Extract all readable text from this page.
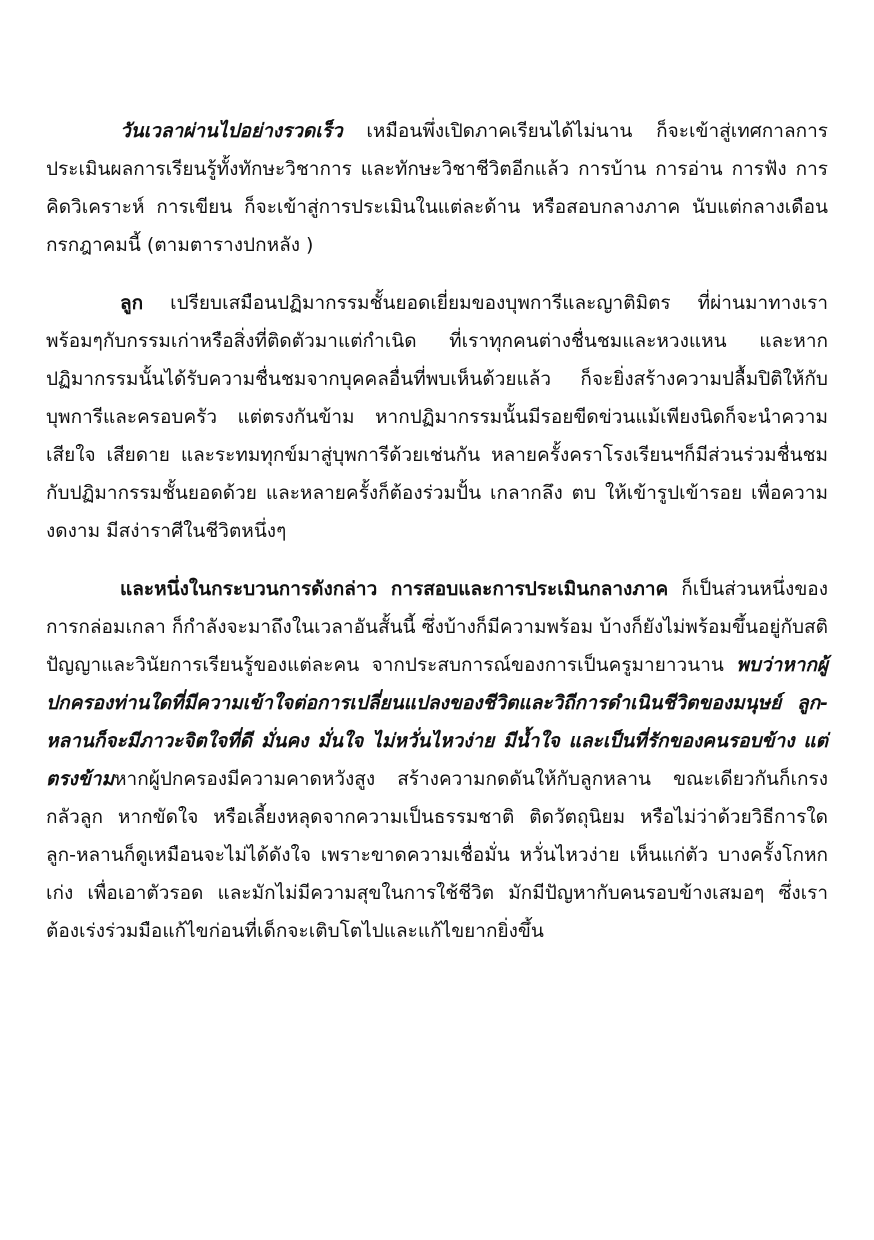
วันเวลาผ่านไปอย่างรวดเร็ว เหมือนพึ่งเปิดภาคเรียนได้ไม่นาน ก็จะเข้าสู่เทศกาลการประเมินผลการเรียนรู้ทั้งทักษะวิชาการ และทักษะวิชาชีวิตอีกแล้ว การบ้าน การอ่าน การฟัง การคิดวิเคราะห์ การเขียน ก็จะเข้าสู่การประเมินในแต่ละด้าน หรือสอบกลางภาค นับแต่กลางเดือนกรกฎาคมนี้ (ตามตารางปกหลัง )

ลูก เปรียบเสมือนปฏิมากรรมชั้นยอดเยี่ยมของบุพการีและญาติมิตร ที่ผ่านมาทางเราพร้อมๆกับกรรมเก่าหรือสิ่งที่ติดตัวมาแต่กำเนิด ที่เราทุกคนต่างชื่นชมและหวงแหน และหากปฏิมากรรมนั้นได้รับความชื่นชมจากบุคคลอื่นที่พบเห็นด้วยแล้ว ก็จะยิ่งสร้างความปลื้มปิติให้กับบุพการีและครอบครัว แต่ตรงกันข้าม หากปฏิมากรรมนั้นมีรอยขีดข่วนแม้เพียงนิดก็จะนำความเสียใจ เสียดาย และระทมทุกข์มาสู่บุพการีด้วยเช่นกัน หลายครั้งคราโรงเรียนฯก็มีส่วนร่วมชื่นชมกับปฏิมากรรมชั้นยอดด้วย และหลายครั้งก็ต้องร่วมปั้น เกลากลึง ตบ ให้เข้ารูปเข้ารอย เพื่อความงดงาม มีสง่าราศีในชีวิตหนึ่งๆ

และหนึ่งในกระบวนการดังกล่าว การสอบและการประเมินกลางภาค ก็เป็นส่วนหนึ่งของการกล่อมเกลา ก็กำลังจะมาถึงในเวลาอันสั้นนี้ ซึ่งบ้างก็มีความพร้อม บ้างก็ยังไม่พร้อมขึ้นอยู่กับสติปัญญาและวินัยการเรียนรู้ของแต่ละคน จากประสบการณ์ของการเป็นครูมายาวนาน พบว่าหากผู้ปกครองท่านใดที่มีความเข้าใจต่อการเปลี่ยนแปลงของชีวิตและวิถีการดำเนินชีวิตของมนุษย์ ลูก-หลานก็จะมีภาวะจิตใจที่ดี มั่นคง มั่นใจ ไม่หวั่นไหวง่าย มีน้ำใจ และเป็นที่รักของคนรอบข้าง แต่ตรงข้ามหากผู้ปกครองมีความคาดหวังสูง สร้างความกดดันให้กับลูกหลาน ขณะเดียวกันก็เกรงกลัวลูก หากขัดใจ หรือเลี้ยงหลุดจากความเป็นธรรมชาติ ติดวัตถุนิยม หรือไม่ว่าด้วยวิธีการใด ลูก-หลานก็ดูเหมือนจะไม่ได้ดังใจ เพราะขาดความเชื่อมั่น หวั่นไหวง่าย เห็นแก่ตัว บางครั้งโกหกเก่ง เพื่อเอาตัวรอด และมักไม่มีความสุขในการใช้ชีวิต มักมีปัญหากับคนรอบข้างเสมอๆ ซึ่งเราต้องเร่งร่วมมือแก้ไขก่อนที่เด็กจะเติบโตไปและแก้ไขยากยิ่งขึ้น
